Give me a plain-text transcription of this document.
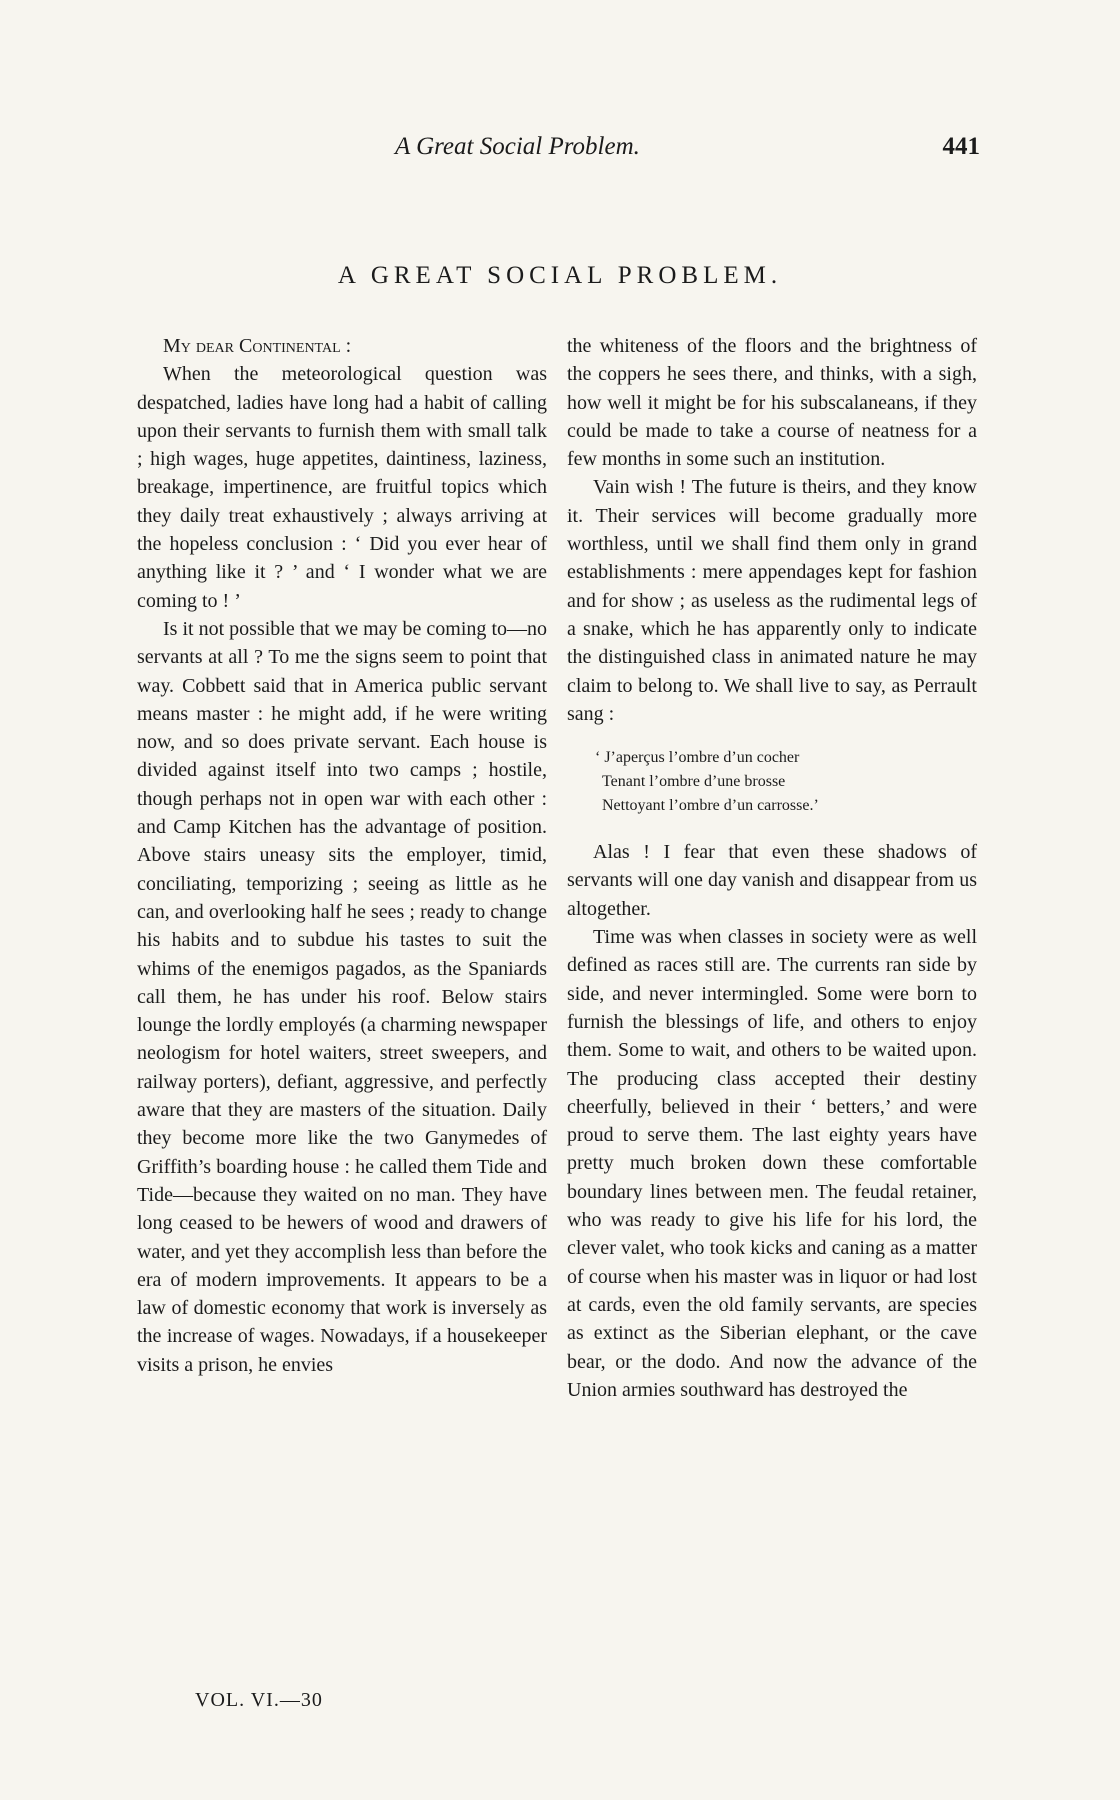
A Great Social Problem.	441
A GREAT SOCIAL PROBLEM.

My dear Continental :

When the meteorological question was despatched, ladies have long had a habit of calling upon their servants to furnish them with small talk ; high wages, huge appetites, daintiness, laziness, breakage, impertinence, are fruitful topics which they daily treat exhaustively ; always arriving at the hopeless conclusion : ‘ Did you ever hear of anything like it ? ’ and ‘ I wonder what we are coming to ! ’

Is it not possible that we may be coming to—no servants at all ? To me the signs seem to point that way. Cobbett said that in America public servant means master : he might add, if he were writing now, and so does private servant. Each house is divided against itself into two camps ; hostile, though perhaps not in open war with each other : and Camp Kitchen has the advantage of position. Above stairs uneasy sits the employer, timid, conciliating, temporizing ; seeing as little as he can, and overlooking half he sees ; ready to change his habits and to subdue his tastes to suit the whims of the enemigos pagados, as the Spaniards call them, he has under his roof. Below stairs lounge the lordly employés (a charming newspaper neologism for hotel waiters, street sweepers, and railway porters), defiant, aggressive, and perfectly aware that they are masters of the situation. Daily they become more like the two Ganymedes of Griffith’s boarding house : he called them Tide and Tide—because they waited on no man. They have long ceased to be hewers of wood and drawers of water, and yet they accomplish less than before the era of modern improvements. It appears to be a law of domestic economy that work is inversely as the increase of wages. Nowadays, if a housekeeper visits a prison, he envies

VOL. VI.—30

the whiteness of the floors and the brightness of the coppers he sees there, and thinks, with a sigh, how well it might be for his subscalaneans, if they could be made to take a course of neatness for a few months in some such an institution.

Vain wish ! The future is theirs, and they know it. Their services will become gradually more worthless, until we shall find them only in grand establishments : mere appendages kept for fashion and for show ; as useless as the rudimental legs of a snake, which he has apparently only to indicate the distinguished class in animated nature he may claim to belong to. We shall live to say, as Perrault sang :

‘ J’aperçus l’ombre d’un cocher
Tenant l’ombre d’une brosse
Nettoyant l’ombre d’un carrosse.’

Alas ! I fear that even these shadows of servants will one day vanish and disappear from us altogether.

Time was when classes in society were as well defined as races still are. The currents ran side by side, and never intermingled. Some were born to furnish the blessings of life, and others to enjoy them. Some to wait, and others to be waited upon. The producing class accepted their destiny cheerfully, believed in their ‘ betters,’ and were proud to serve them. The last eighty years have pretty much broken down these comfortable boundary lines between men. The feudal retainer, who was ready to give his life for his lord, the clever valet, who took kicks and caning as a matter of course when his master was in liquor or had lost at cards, even the old family servants, are species as extinct as the Siberian elephant, or the cave bear, or the dodo. And now the advance of the Union armies southward has destroyed the
